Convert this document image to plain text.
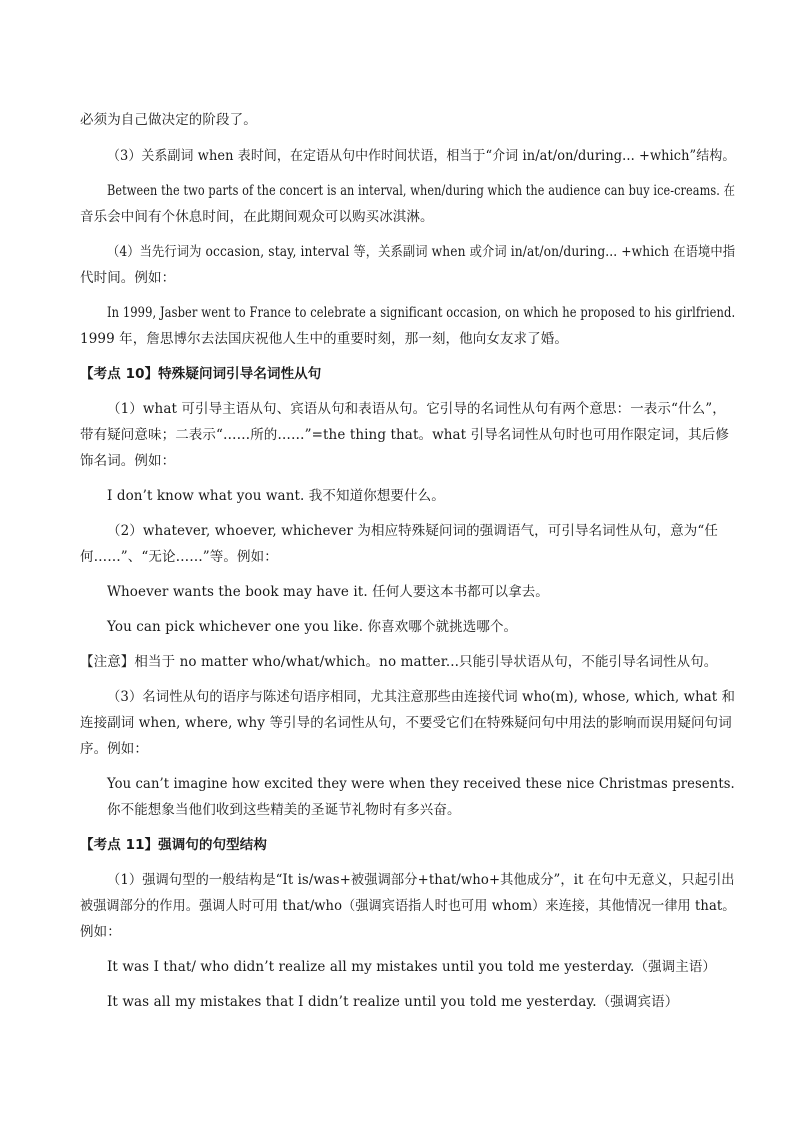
必须为自己做决定的阶段了。
（3）关系副词 when 表时间，在定语从句中作时间状语，相当于“介词 in/at/on/during... +which”结构。
Between the two parts of the concert is an interval, when/during which the audience can buy ice-creams. 在
音乐会中间有个休息时间，在此期间观众可以购买冰淇淋。
（4）当先行词为 occasion, stay, interval 等，关系副词 when 或介词 in/at/on/during... +which 在语境中指
代时间。例如：
In 1999, Jasber went to France to celebrate a significant occasion, on which he proposed to his girlfriend.
1999 年，詹思博尔去法国庆祝他人生中的重要时刻，那一刻，他向女友求了婚。
【考点 10】特殊疑问词引导名词性从句
（1）what 可引导主语从句、宾语从句和表语从句。它引导的名词性从句有两个意思：一表示“什么”，
带有疑问意味；二表示“……所的……”=the thing that。what 引导名词性从句时也可用作限定词，其后修
饰名词。例如：
I don’t know what you want. 我不知道你想要什么。
（2）whatever, whoever, whichever 为相应特殊疑问词的强调语气，可引导名词性从句，意为“任
何……”、“无论……”等。例如：
Whoever wants the book may have it. 任何人要这本书都可以拿去。
You can pick whichever one you like. 你喜欢哪个就挑选哪个。
【注意】相当于 no matter who/what/which。no matter...只能引导状语从句，不能引导名词性从句。
（3）名词性从句的语序与陈述句语序相同，尤其注意那些由连接代词 who(m), whose, which, what 和
连接副词 when, where, why 等引导的名词性从句，不要受它们在特殊疑问句中用法的影响而误用疑问句词
序。例如：
You can’t imagine how excited they were when they received these nice Christmas presents.
你不能想象当他们收到这些精美的圣诞节礼物时有多兴奋。
【考点 11】强调句的句型结构
（1）强调句型的一般结构是“It is/was+被强调部分+that/who+其他成分”，it 在句中无意义，只起引出
被强调部分的作用。强调人时可用 that/who（强调宾语指人时也可用 whom）来连接，其他情况一律用 that。
例如：
It was I that/ who didn’t realize all my mistakes until you told me yesterday.（强调主语）
It was all my mistakes that I didn’t realize until you told me yesterday.（强调宾语）
